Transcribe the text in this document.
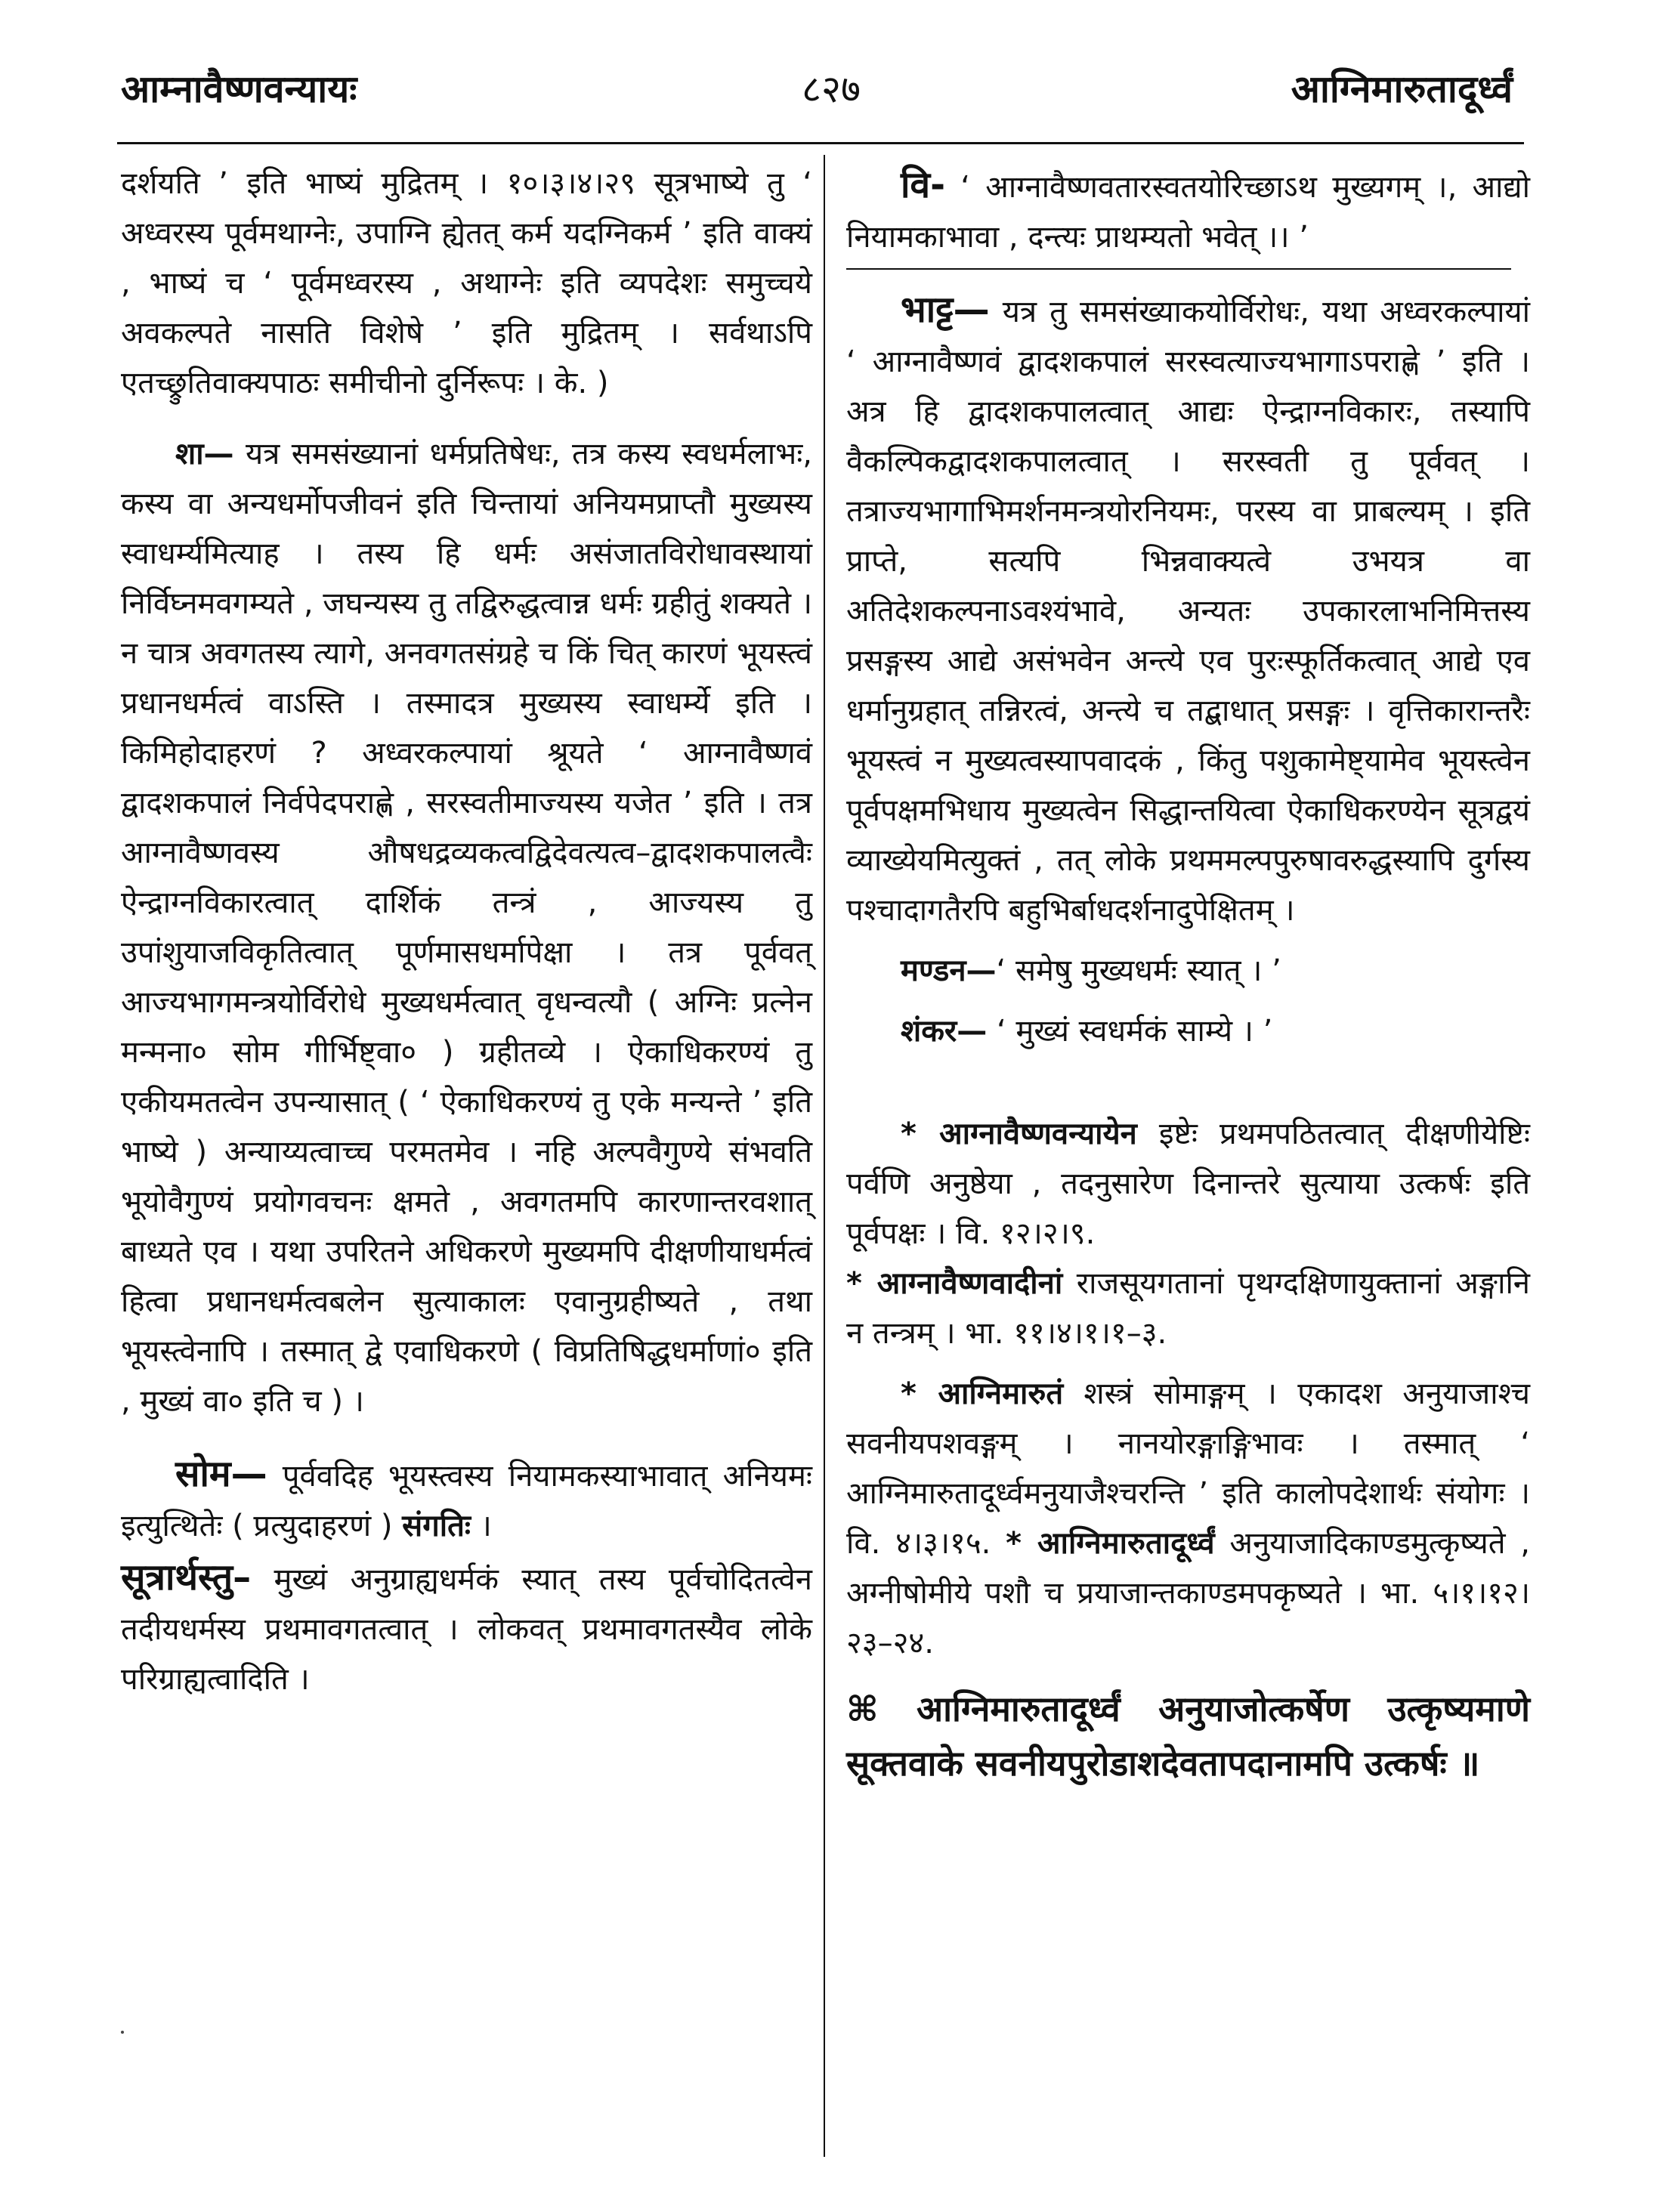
आम्नावैष्णवन्यायः	८२७	आग्निमारुतादूर्ध्वं

दर्शयति ’ इति भाष्यं मुद्रितम् । १०।३।४।२९ सूत्रभाष्ये तु ‘ अध्वरस्य पूर्वमथाग्नेः, उपाग्नि ह्येतत् कर्म यदग्निकर्म ’ इति वाक्यं , भाष्यं च ‘ पूर्वमध्वरस्य , अथाग्नेः इति व्यपदेशः समुच्चये अवकल्पते नासति विशेषे ’ इति मुद्रितम् । सर्वथाऽपि एतच्छ्रुतिवाक्यपाठः समीचीनो दुर्निरूपः । के. )

शा— यत्र समसंख्यानां धर्मप्रतिषेधः, तत्र कस्य स्वधर्मलाभः, कस्य वा अन्यधर्मोपजीवनं इति चिन्तायां अनियमप्राप्तौ मुख्यस्य स्वाधर्म्यमित्याह । तस्य हि धर्मः असंजातविरोधावस्थायां निर्विघ्नमवगम्यते , जघन्यस्य तु तद्विरुद्धत्वान्न धर्मः ग्रहीतुं शक्यते । न चात्र अवगतस्य त्यागे, अनवगतसंग्रहे च किं चित् कारणं भूयस्त्वं प्रधानधर्मत्वं वाऽस्ति । तस्मादत्र मुख्यस्य स्वाधर्म्ये इति । किमिहोदाहरणं ? अध्वरकल्पायां श्रूयते ‘ आग्नावैष्णवं द्वादशकपालं निर्वपेदपराह्णे , सरस्वतीमाज्यस्य यजेत ’ इति । तत्र आग्नावैष्णवस्य औषधद्रव्यकत्वद्विदेवत्यत्व–द्वादशकपालत्वैः ऐन्द्राग्नविकारत्वात् दार्शिकं तन्त्रं , आज्यस्य तु उपांशुयाजविकृतित्वात् पूर्णमासधर्मापेक्षा । तत्र पूर्ववत् आज्यभागमन्त्रयोर्विरोधे मुख्यधर्मत्वात् वृधन्वत्यौ ( अग्निः प्रत्नेन मन्मना० सोम गीर्भिष्ट्वा० ) ग्रहीतव्ये । ऐकाधिकरण्यं तु एकीयमतत्वेन उपन्यासात् ( ‘ ऐकाधिकरण्यं तु एके मन्यन्ते ’ इति भाष्ये ) अन्याय्यत्वाच्च परमतमेव । नहि अल्पवैगुण्ये संभवति भूयोवैगुण्यं प्रयोगवचनः क्षमते , अवगतमपि कारणान्तरवशात् बाध्यते एव । यथा उपरितने अधिकरणे मुख्यमपि दीक्षणीयाधर्मत्वं हित्वा प्रधानधर्मत्वबलेन सुत्याकालः एवानुग्रहीष्यते , तथा भूयस्त्वेनापि । तस्मात् द्वे एवाधिकरणे ( विप्रतिषिद्धधर्माणां० इति , मुख्यं वा० इति च ) ।

सोम— पूर्ववदिह भूयस्त्वस्य नियामकस्याभावात् अनियमः इत्युत्थितेः ( प्रत्युदाहरणं ) संगतिः ।

सूत्रार्थस्तु– मुख्यं अनुग्राह्यधर्मकं स्यात् तस्य पूर्वचोदितत्वेन तदीयधर्मस्य प्रथमावगतत्वात् । लोकवत् प्रथमावगतस्यैव लोके परिग्राह्यत्वादिति ।

वि- ‘ आग्नावैष्णवतारस्वतयोरिच्छाऽथ मुख्यगम् ।, आद्यो नियामकाभावा , दन्त्यः प्राथम्यतो भवेत् ।। ’

भाट्ट— यत्र तु समसंख्याकयोर्विरोधः, यथा अध्वरकल्पायां ‘ आग्नावैष्णवं द्वादशकपालं सरस्वत्याज्यभागाऽपराह्णे ’ इति । अत्र हि द्वादशकपालत्वात् आद्यः ऐन्द्राग्नविकारः, तस्यापि वैकल्पिकद्वादशकपालत्वात् । सरस्वती तु पूर्ववत् । तत्राज्यभागाभिमर्शनमन्त्रयोरनियमः, परस्य वा प्राबल्यम् । इति प्राप्ते, सत्यपि भिन्नवाक्यत्वे उभयत्र वा अतिदेशकल्पनाऽवश्यंभावे, अन्यतः उपकारलाभनिमित्तस्य प्रसङ्गस्य आद्ये असंभवेन अन्त्ये एव पुरःस्फूर्तिकत्वात् आद्ये एव धर्मानुग्रहात् तन्निरत्वं, अन्त्ये च तद्बाधात् प्रसङ्गः । वृत्तिकारान्तरैः भूयस्त्वं न मुख्यत्वस्यापवादकं , किंतु पशुकामेष्ट्यामेव भूयस्त्वेन पूर्वपक्षमभिधाय मुख्यत्वेन सिद्धान्तयित्वा ऐकाधिकरण्येन सूत्रद्वयं व्याख्येयमित्युक्तं , तत् लोके प्रथममल्पपुरुषावरुद्धस्यापि दुर्गस्य पश्चादागतैरपि बहुभिर्बाधदर्शनादुपेक्षितम् ।

मण्डन—‘ समेषु मुख्यधर्मः स्यात् । ’

शंकर— ‘ मुख्यं स्वधर्मकं साम्ये । ’

* आग्नावैष्णवन्यायेन इष्टेः प्रथमपठितत्वात् दीक्षणीयेष्टिः पर्वणि अनुष्ठेया , तदनुसारेण दिनान्तरे सुत्याया उत्कर्षः इति पूर्वपक्षः । वि. १२।२।९.

* आग्नावैष्णवादीनां राजसूयगतानां पृथग्दक्षिणायुक्तानां अङ्गानि न तन्त्रम् । भा. ११।४।१।१–३.

* आग्निमारुतं शस्त्रं सोमाङ्गम् । एकादश अनुयाजाश्च सवनीयपशवङ्गम् । नानयोरङ्गाङ्गिभावः । तस्मात् ‘ आग्निमारुतादूर्ध्वमनुयाजैश्चरन्ति ’ इति कालोपदेशार्थः संयोगः । वि. ४।३।१५. * आग्निमारुतादूर्ध्वं अनुयाजादिकाण्डमुत्कृष्यते , अग्नीषोमीये पशौ च प्रयाजान्तकाण्डमपकृष्यते । भा. ५।१।१२।२३–२४.

⌘ आग्निमारुतादूर्ध्वं अनुयाजोत्कर्षेण उत्कृष्यमाणे सूक्तवाके सवनीयपुरोडाशदेवतापदानामपि उत्कर्षः ॥
